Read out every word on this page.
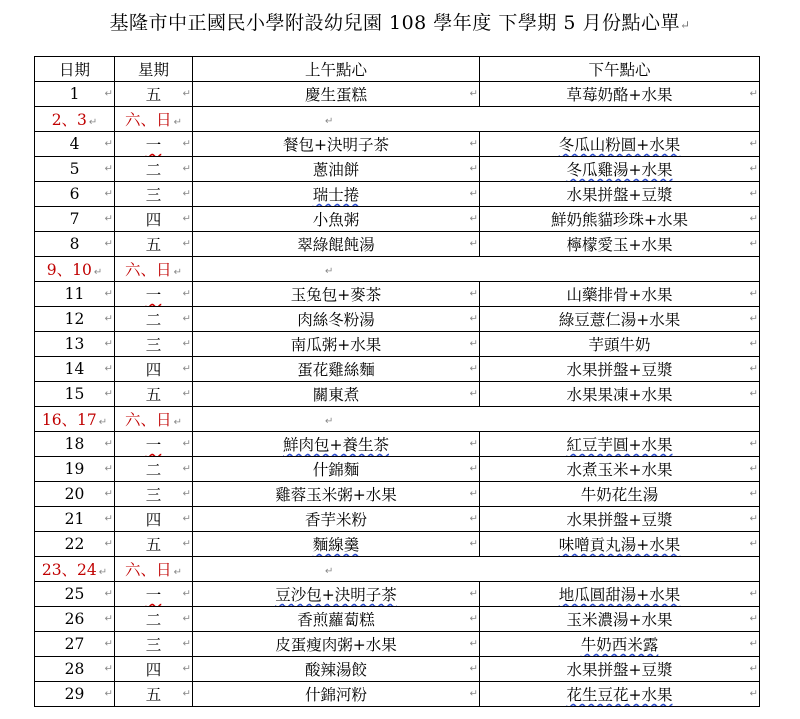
基隆市中正國民小學附設幼兒園 108 學年度 下學期 5 月份點心單↵
日期	星期	上午點心	下午點心
1 ↵	五 ↵	慶生蛋糕 ↵	草莓奶酪+水果 ↵

2、3 ↵	六、日 ↵	↵	
4 ↵	一 ↵	餐包+決明子茶 ↵	冬瓜山粉圓+水果 ↵

5 ↵	二 ↵	蔥油餅 ↵	冬瓜雞湯+水果 ↵

6 ↵	三 ↵	瑞士捲 ↵	水果拼盤+豆漿 ↵

7 ↵	四 ↵	小魚粥 ↵	鮮奶熊貓珍珠+水果 ↵

8 ↵	五 ↵	翠綠餛飩湯 ↵	檸檬愛玉+水果 ↵

9、10 ↵	六、日 ↵	↵	
11 ↵	一 ↵	玉兔包+麥茶 ↵	山藥排骨+水果 ↵

12 ↵	二 ↵	肉絲冬粉湯 ↵	綠豆薏仁湯+水果 ↵

13 ↵	三 ↵	南瓜粥+水果 ↵	芋頭牛奶 ↵

14 ↵	四 ↵	蛋花雞絲麵 ↵	水果拼盤+豆漿 ↵

15 ↵	五 ↵	關東煮 ↵	水果果凍+水果 ↵

16、17 ↵	六、日 ↵	↵	
18 ↵	一 ↵	鮮肉包+養生茶 ↵	紅豆芋圓+水果 ↵

19 ↵	二 ↵	什錦麵 ↵	水煮玉米+水果 ↵

20 ↵	三 ↵	雞蓉玉米粥+水果 ↵	牛奶花生湯 ↵

21 ↵	四 ↵	香芋米粉 ↵	水果拼盤+豆漿 ↵

22 ↵	五 ↵	麵線羹 ↵	味噌貢丸湯+水果 ↵

23、24 ↵	六、日 ↵	↵	
25 ↵	一 ↵	豆沙包+決明子茶 ↵	地瓜圓甜湯+水果 ↵

26 ↵	二 ↵	香煎蘿蔔糕 ↵	玉米濃湯+水果 ↵

27 ↵	三 ↵	皮蛋瘦肉粥+水果 ↵	牛奶西米露 ↵

28 ↵	四 ↵	酸辣湯餃 ↵	水果拼盤+豆漿 ↵

29 ↵	五 ↵	什錦河粉 ↵	花生豆花+水果 ↵
